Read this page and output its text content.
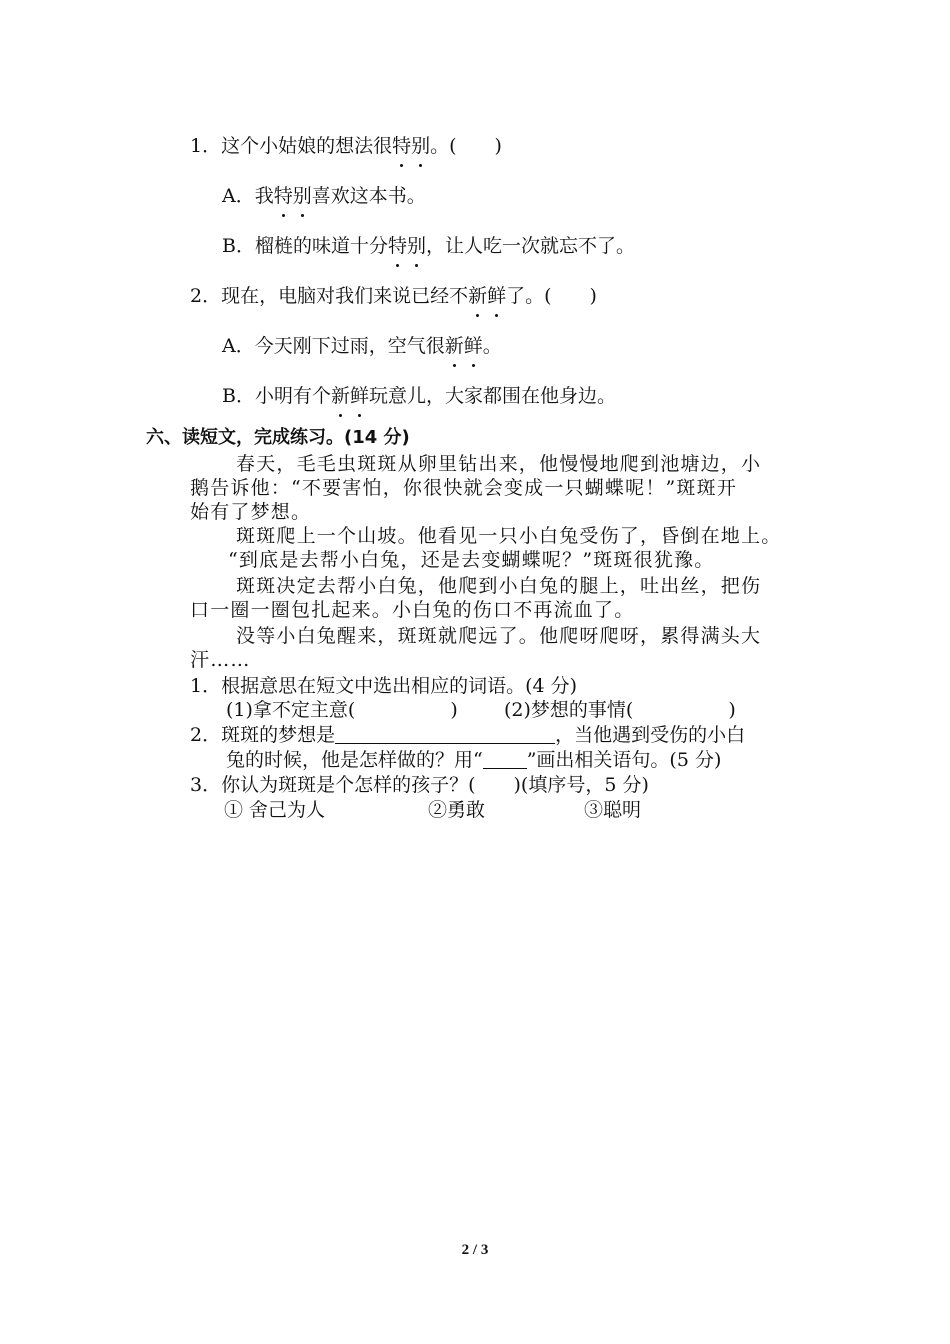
1．这个小姑娘的想法很特别。(　　)
A．我特别喜欢这本书。
B．榴梿的味道十分特别，让人吃一次就忘不了。
2．现在，电脑对我们来说已经不新鲜了。(　　)
A．今天刚下过雨，空气很新鲜。
B．小明有个新鲜玩意儿，大家都围在他身边。
六、读短文，完成练习。(14 分)
春天，毛毛虫斑斑从卵里钻出来，他慢慢地爬到池塘边，小
鹅告诉他：“不要害怕，你很快就会变成一只蝴蝶呢！”斑斑开
始有了梦想。
斑斑爬上一个山坡。他看见一只小白兔受伤了，昏倒在地上。
“到底是去帮小白兔，还是去变蝴蝶呢？”斑斑很犹豫。
斑斑决定去帮小白兔，他爬到小白兔的腿上，吐出丝，把伤
口一圈一圈包扎起来。小白兔的伤口不再流血了。
没等小白兔醒来，斑斑就爬远了。他爬呀爬呀，累得满头大
汗……
1．根据意思在短文中选出相应的词语。(4 分)
(1)拿不定主意(　　　　　) (2)梦想的事情(　　　　　)
2．斑斑的梦想是	，当他遇到受伤的小白
兔的时候，他是怎样做的？用“ ”画出相关语句。(5 分)
3．你认为斑斑是个怎样的孩子？(　　)(填序号，5 分)
① 舍己为人	②勇敢	③聪明
2 / 3
